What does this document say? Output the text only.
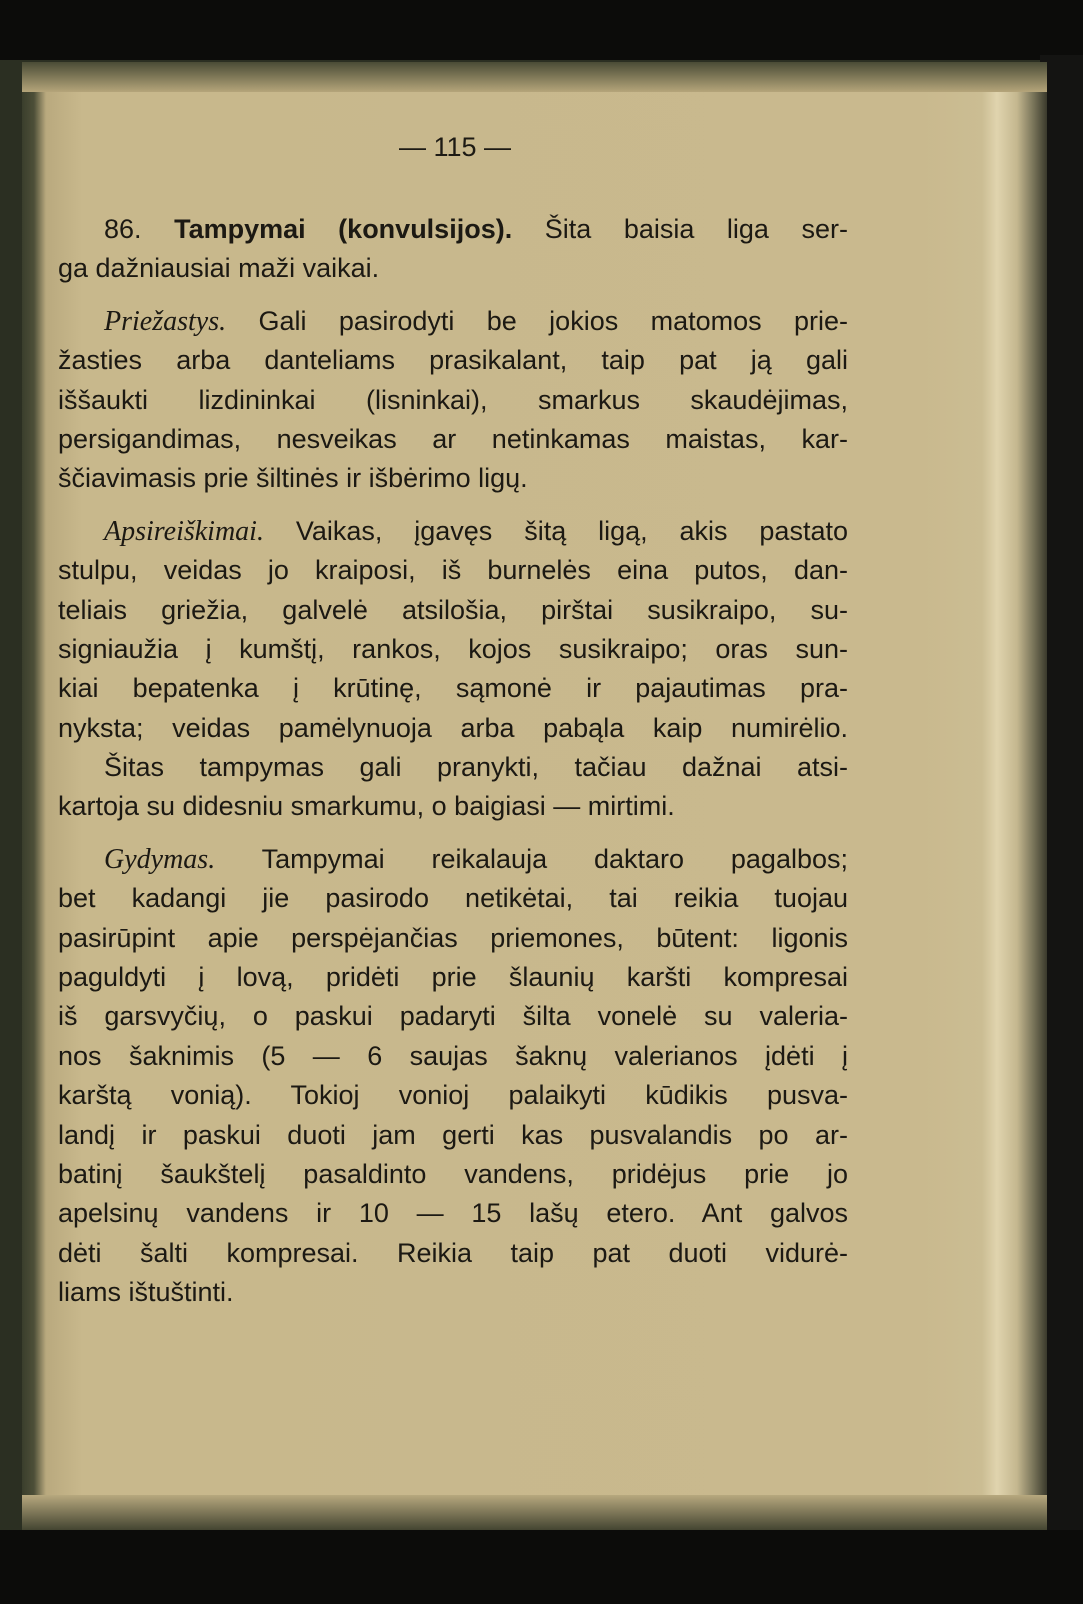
— 115 —
86. Tampymai (konvulsijos). Šita baisia liga ser-
ga dažniausiai maži vaikai.
Priežastys. Gali pasirodyti be jokios matomos prie-
žasties arba danteliams prasikalant, taip pat ją gali
iššaukti lizdininkai (lisninkai), smarkus skaudėjimas,
persigandimas, nesveikas ar netinkamas maistas, kar-
ščiavimasis prie šiltinės ir išbėrimo ligų.
Apsireiškimai. Vaikas, įgavęs šitą ligą, akis pastato
stulpu, veidas jo kraiposi, iš burnelės eina putos, dan-
teliais griežia, galvelė atsilošia, pirštai susikraipo, su-
signiaužia į kumštį, rankos, kojos susikraipo; oras sun-
kiai bepatenka į krūtinę, sąmonė ir pajautimas pra-
nyksta; veidas pamėlynuoja arba pabąla kaip numirėlio.
Šitas tampymas gali pranykti, tačiau dažnai atsi-
kartoja su didesniu smarkumu, o baigiasi — mirtimi.
Gydymas. Tampymai reikalauja daktaro pagalbos;
bet kadangi jie pasirodo netikėtai, tai reikia tuojau
pasirūpint apie perspėjančias priemones, būtent: ligonis
paguldyti į lovą, pridėti prie šlaunių karšti kompresai
iš garsvyčių, o paskui padaryti šilta vonelė su valeria-
nos šaknimis (5 — 6 saujas šaknų valerianos įdėti į
karštą vonią). Tokioj vonioj palaikyti kūdikis pusva-
landį ir paskui duoti jam gerti kas pusvalandis po ar-
batinį šaukštelį pasaldinto vandens, pridėjus prie jo
apelsinų vandens ir 10 — 15 lašų etero. Ant galvos
dėti šalti kompresai. Reikia taip pat duoti vidurė-
liams ištuštinti.
